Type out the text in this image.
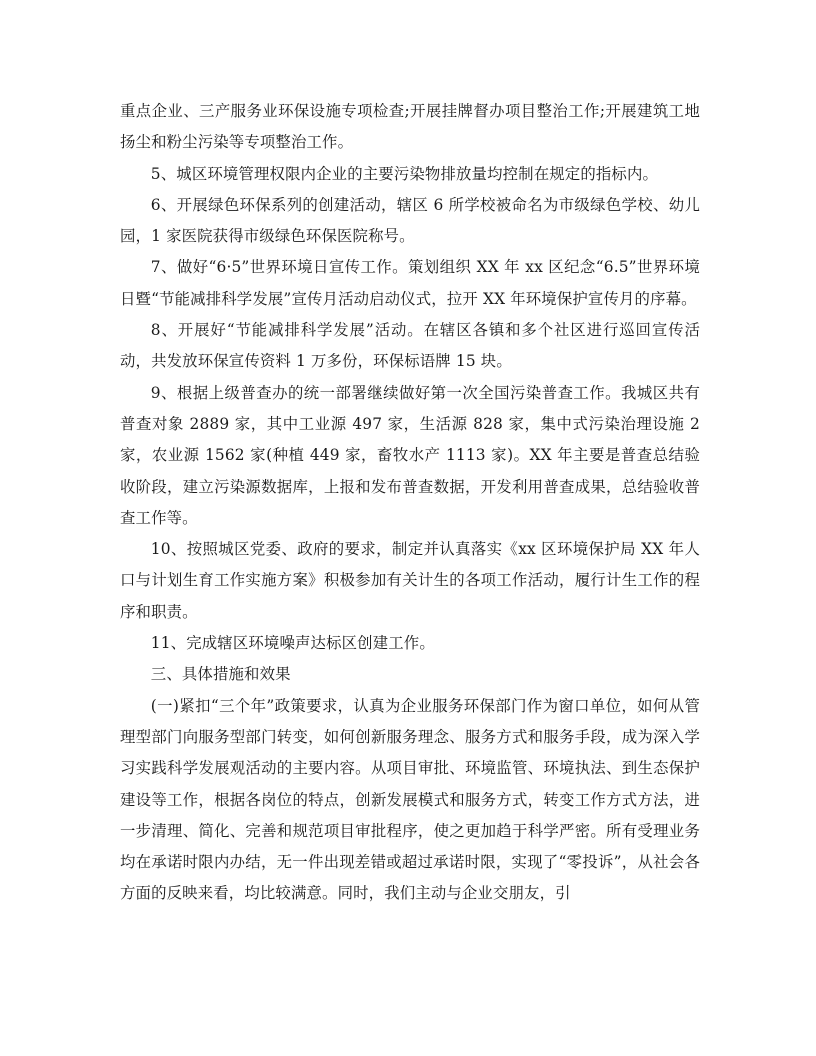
重点企业、三产服务业环保设施专项检查;开展挂牌督办项目整治工作;开展建筑工地扬尘和粉尘污染等专项整治工作。

5、城区环境管理权限内企业的主要污染物排放量均控制在规定的指标内。

6、开展绿色环保系列的创建活动，辖区 6 所学校被命名为市级绿色学校、幼儿园，1 家医院获得市级绿色环保医院称号。

7、做好“6·5”世界环境日宣传工作。策划组织 XX 年 xx 区纪念“6.5”世界环境日暨“节能减排科学发展”宣传月活动启动仪式，拉开 XX 年环境保护宣传月的序幕。

8、开展好“节能减排科学发展”活动。在辖区各镇和多个社区进行巡回宣传活动，共发放环保宣传资料 1 万多份，环保标语牌 15 块。

9、根据上级普查办的统一部署继续做好第一次全国污染普查工作。我城区共有普查对象 2889 家，其中工业源 497 家，生活源 828 家，集中式污染治理设施 2 家，农业源 1562 家(种植 449 家，畜牧水产 1113 家)。XX 年主要是普查总结验收阶段，建立污染源数据库，上报和发布普查数据，开发利用普查成果，总结验收普查工作等。

10、按照城区党委、政府的要求，制定并认真落实《xx 区环境保护局 XX 年人口与计划生育工作实施方案》积极参加有关计生的各项工作活动，履行计生工作的程序和职责。

11、完成辖区环境噪声达标区创建工作。

三、具体措施和效果

(一)紧扣“三个年”政策要求，认真为企业服务环保部门作为窗口单位，如何从管理型部门向服务型部门转变，如何创新服务理念、服务方式和服务手段，成为深入学习实践科学发展观活动的主要内容。从项目审批、环境监管、环境执法、到生态保护建设等工作，根据各岗位的特点，创新发展模式和服务方式，转变工作方式方法，进一步清理、简化、完善和规范项目审批程序，使之更加趋于科学严密。所有受理业务均在承诺时限内办结，无一件出现差错或超过承诺时限，实现了“零投诉”，从社会各方面的反映来看，均比较满意。同时，我们主动与企业交朋友，引
